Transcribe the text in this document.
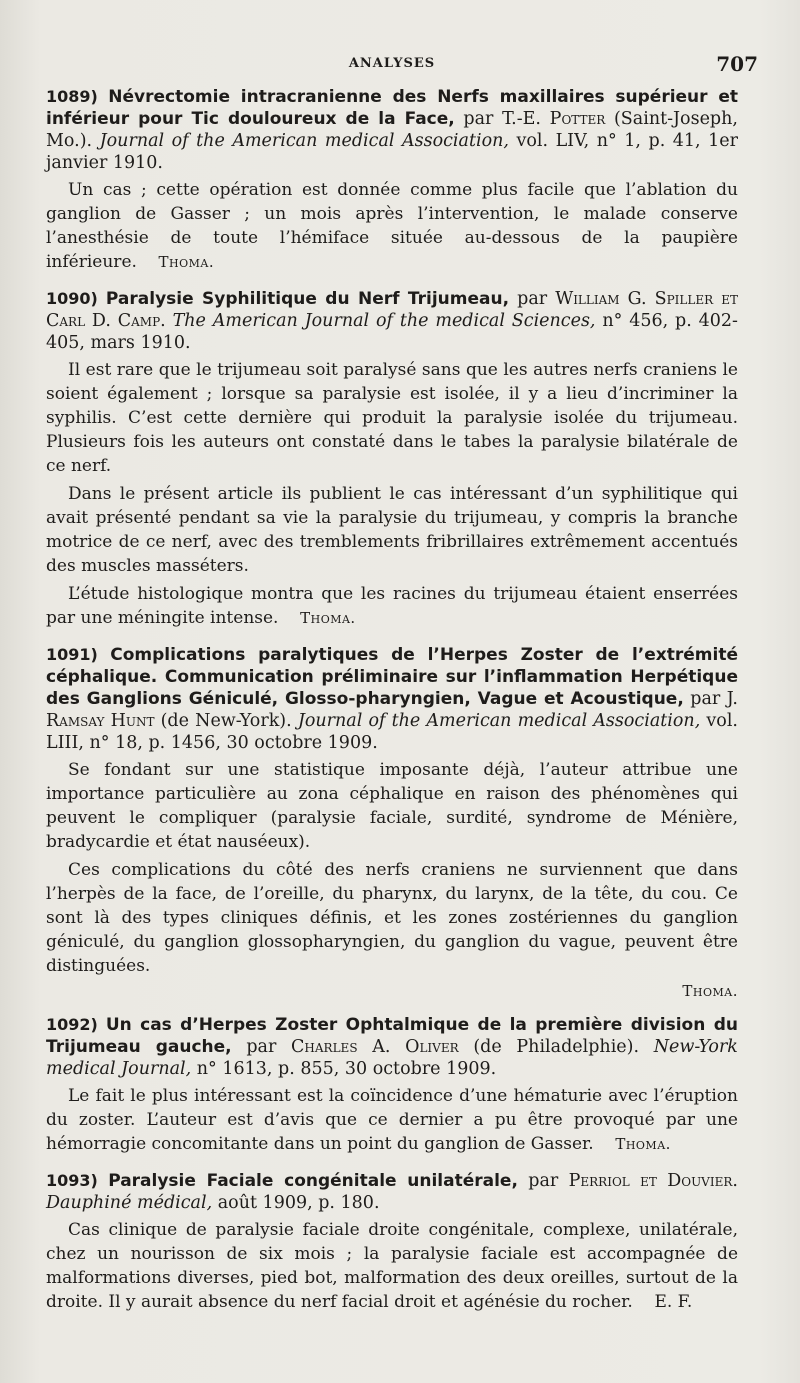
ANALYSES	707

1089) Névrectomie intracranienne des Nerfs maxillaires supérieur et inférieur pour Tic douloureux de la Face, par T.-E. Potter (Saint-Joseph, Mo.). Journal of the American medical Association, vol. LIV, n° 1, p. 41, 1er janvier 1910.

Un cas ; cette opération est donnée comme plus facile que l’ablation du ganglion de Gasser ; un mois après l’intervention, le malade conserve l’anesthésie de toute l’hémiface située au-dessous de la paupière inférieure. Thoma.

1090) Paralysie Syphilitique du Nerf Trijumeau, par William G. Spiller et Carl D. Camp. The American Journal of the medical Sciences, n° 456, p. 402-405, mars 1910.

Il est rare que le trijumeau soit paralysé sans que les autres nerfs craniens le soient également ; lorsque sa paralysie est isolée, il y a lieu d’incriminer la syphilis. C’est cette dernière qui produit la paralysie isolée du trijumeau. Plusieurs fois les auteurs ont constaté dans le tabes la paralysie bilatérale de ce nerf.

Dans le présent article ils publient le cas intéressant d’un syphilitique qui avait présenté pendant sa vie la paralysie du trijumeau, y compris la branche motrice de ce nerf, avec des tremblements fribrillaires extrêmement accentués des muscles masséters.

L’étude histologique montra que les racines du trijumeau étaient enserrées par une méningite intense. Thoma.

1091) Complications paralytiques de l’Herpes Zoster de l’extrémité céphalique. Communication préliminaire sur l’inflammation Herpétique des Ganglions Géniculé, Glosso-pharyngien, Vague et Acoustique, par J. Ramsay Hunt (de New-York). Journal of the American medical Association, vol. LIII, n° 18, p. 1456, 30 octobre 1909.

Se fondant sur une statistique imposante déjà, l’auteur attribue une importance particulière au zona céphalique en raison des phénomènes qui peuvent le compliquer (paralysie faciale, surdité, syndrome de Ménière, bradycardie et état nauséeux).

Ces complications du côté des nerfs craniens ne surviennent que dans l’herpès de la face, de l’oreille, du pharynx, du larynx, de la tête, du cou. Ce sont là des types cliniques définis, et les zones zostériennes du ganglion géniculé, du ganglion glossopharyngien, du ganglion du vague, peuvent être distinguées.

Thoma.

1092) Un cas d’Herpes Zoster Ophtalmique de la première division du Trijumeau gauche, par Charles A. Oliver (de Philadelphie). New-York medical Journal, n° 1613, p. 855, 30 octobre 1909.

Le fait le plus intéressant est la coïncidence d’une hématurie avec l’éruption du zoster. L’auteur est d’avis que ce dernier a pu être provoqué par une hémorragie concomitante dans un point du ganglion de Gasser. Thoma.

1093) Paralysie Faciale congénitale unilatérale, par Perriol et Douvier. Dauphiné médical, août 1909, p. 180.

Cas clinique de paralysie faciale droite congénitale, complexe, unilatérale, chez un nourisson de six mois ; la paralysie faciale est accompagnée de malformations diverses, pied bot, malformation des deux oreilles, surtout de la droite. Il y aurait absence du nerf facial droit et agénésie du rocher. E. F.
